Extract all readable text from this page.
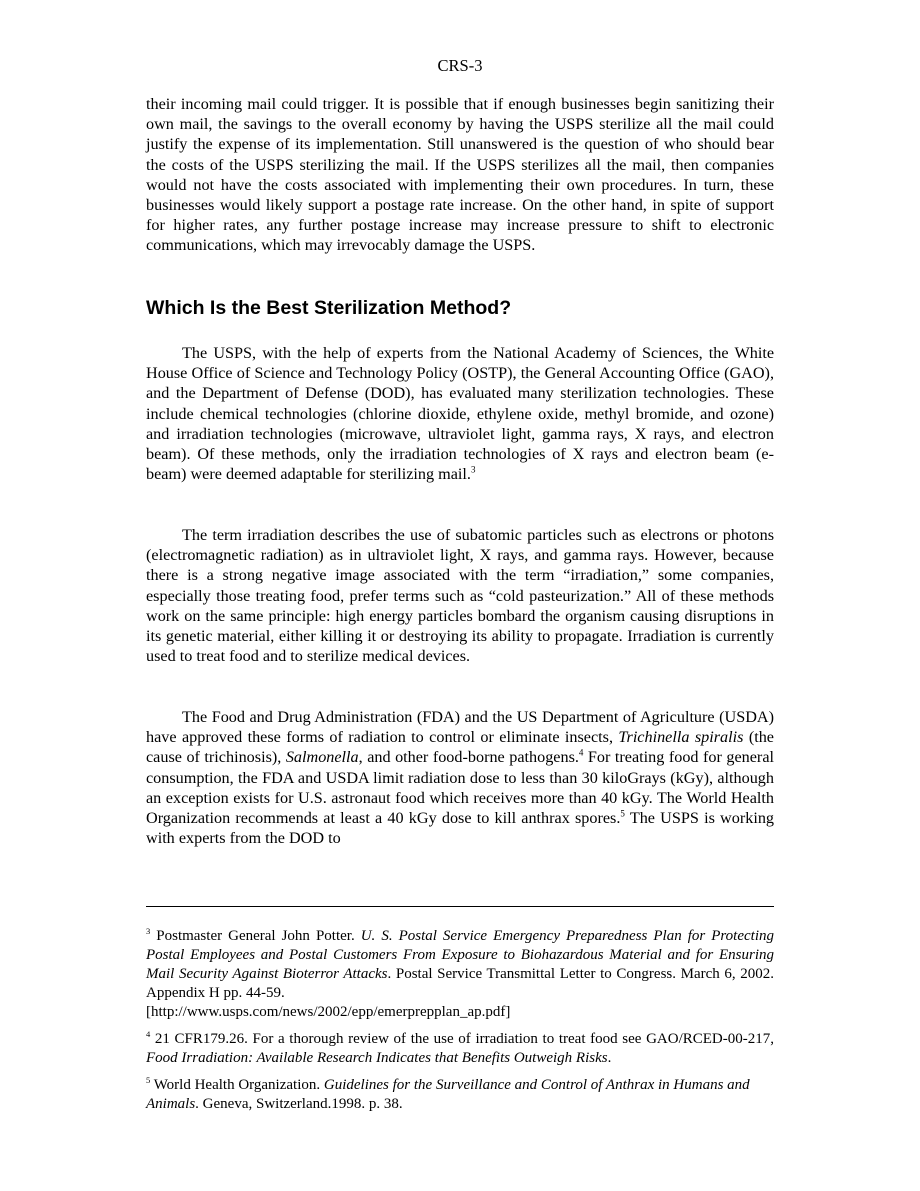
CRS-3

their incoming mail could trigger. It is possible that if enough businesses begin sanitizing their own mail, the savings to the overall economy by having the USPS sterilize all the mail could justify the expense of its implementation. Still unanswered is the question of who should bear the costs of the USPS sterilizing the mail. If the USPS sterilizes all the mail, then companies would not have the costs associated with implementing their own procedures. In turn, these businesses would likely support a postage rate increase. On the other hand, in spite of support for higher rates, any further postage increase may increase pressure to shift to electronic communications, which may irrevocably damage the USPS.

Which Is the Best Sterilization Method?

The USPS, with the help of experts from the National Academy of Sciences, the White House Office of Science and Technology Policy (OSTP), the General Accounting Office (GAO), and the Department of Defense (DOD), has evaluated many sterilization technologies. These include chemical technologies (chlorine dioxide, ethylene oxide, methyl bromide, and ozone) and irradiation technologies (microwave, ultraviolet light, gamma rays, X rays, and electron beam). Of these methods, only the irradiation technologies of X rays and electron beam (e-beam) were deemed adaptable for sterilizing mail.$^3$

The term irradiation describes the use of subatomic particles such as electrons or photons (electromagnetic radiation) as in ultraviolet light, X rays, and gamma rays. However, because there is a strong negative image associated with the term “irradiation,” some companies, especially those treating food, prefer terms such as “cold pasteurization.” All of these methods work on the same principle: high energy particles bombard the organism causing disruptions in its genetic material, either killing it or destroying its ability to propagate. Irradiation is currently used to treat food and to sterilize medical devices.

The Food and Drug Administration (FDA) and the US Department of Agriculture (USDA) have approved these forms of radiation to control or eliminate insects, Trichinella spiralis (the cause of trichinosis), Salmonella, and other food-borne pathogens.$^4$ For treating food for general consumption, the FDA and USDA limit radiation dose to less than 30 kiloGrays (kGy), although an exception exists for U.S. astronaut food which receives more than 40 kGy. The World Health Organization recommends at least a 40 kGy dose to kill anthrax spores.$^5$ The USPS is working with experts from the DOD to

$^3$ Postmaster General John Potter. U. S. Postal Service Emergency Preparedness Plan for Protecting Postal Employees and Postal Customers From Exposure to Biohazardous Material and for Ensuring Mail Security Against Bioterror Attacks. Postal Service Transmittal Letter to Congress. March 6, 2002. Appendix H pp. 44-59.
[http://www.usps.com/news/2002/epp/emerprepplan_ap.pdf]

$^4$ 21 CFR179.26. For a thorough review of the use of irradiation to treat food see GAO/RCED-00-217, Food Irradiation: Available Research Indicates that Benefits Outweigh Risks.

$^5$ World Health Organization. Guidelines for the Surveillance and Control of Anthrax in Humans and Animals. Geneva, Switzerland.1998. p. 38.
